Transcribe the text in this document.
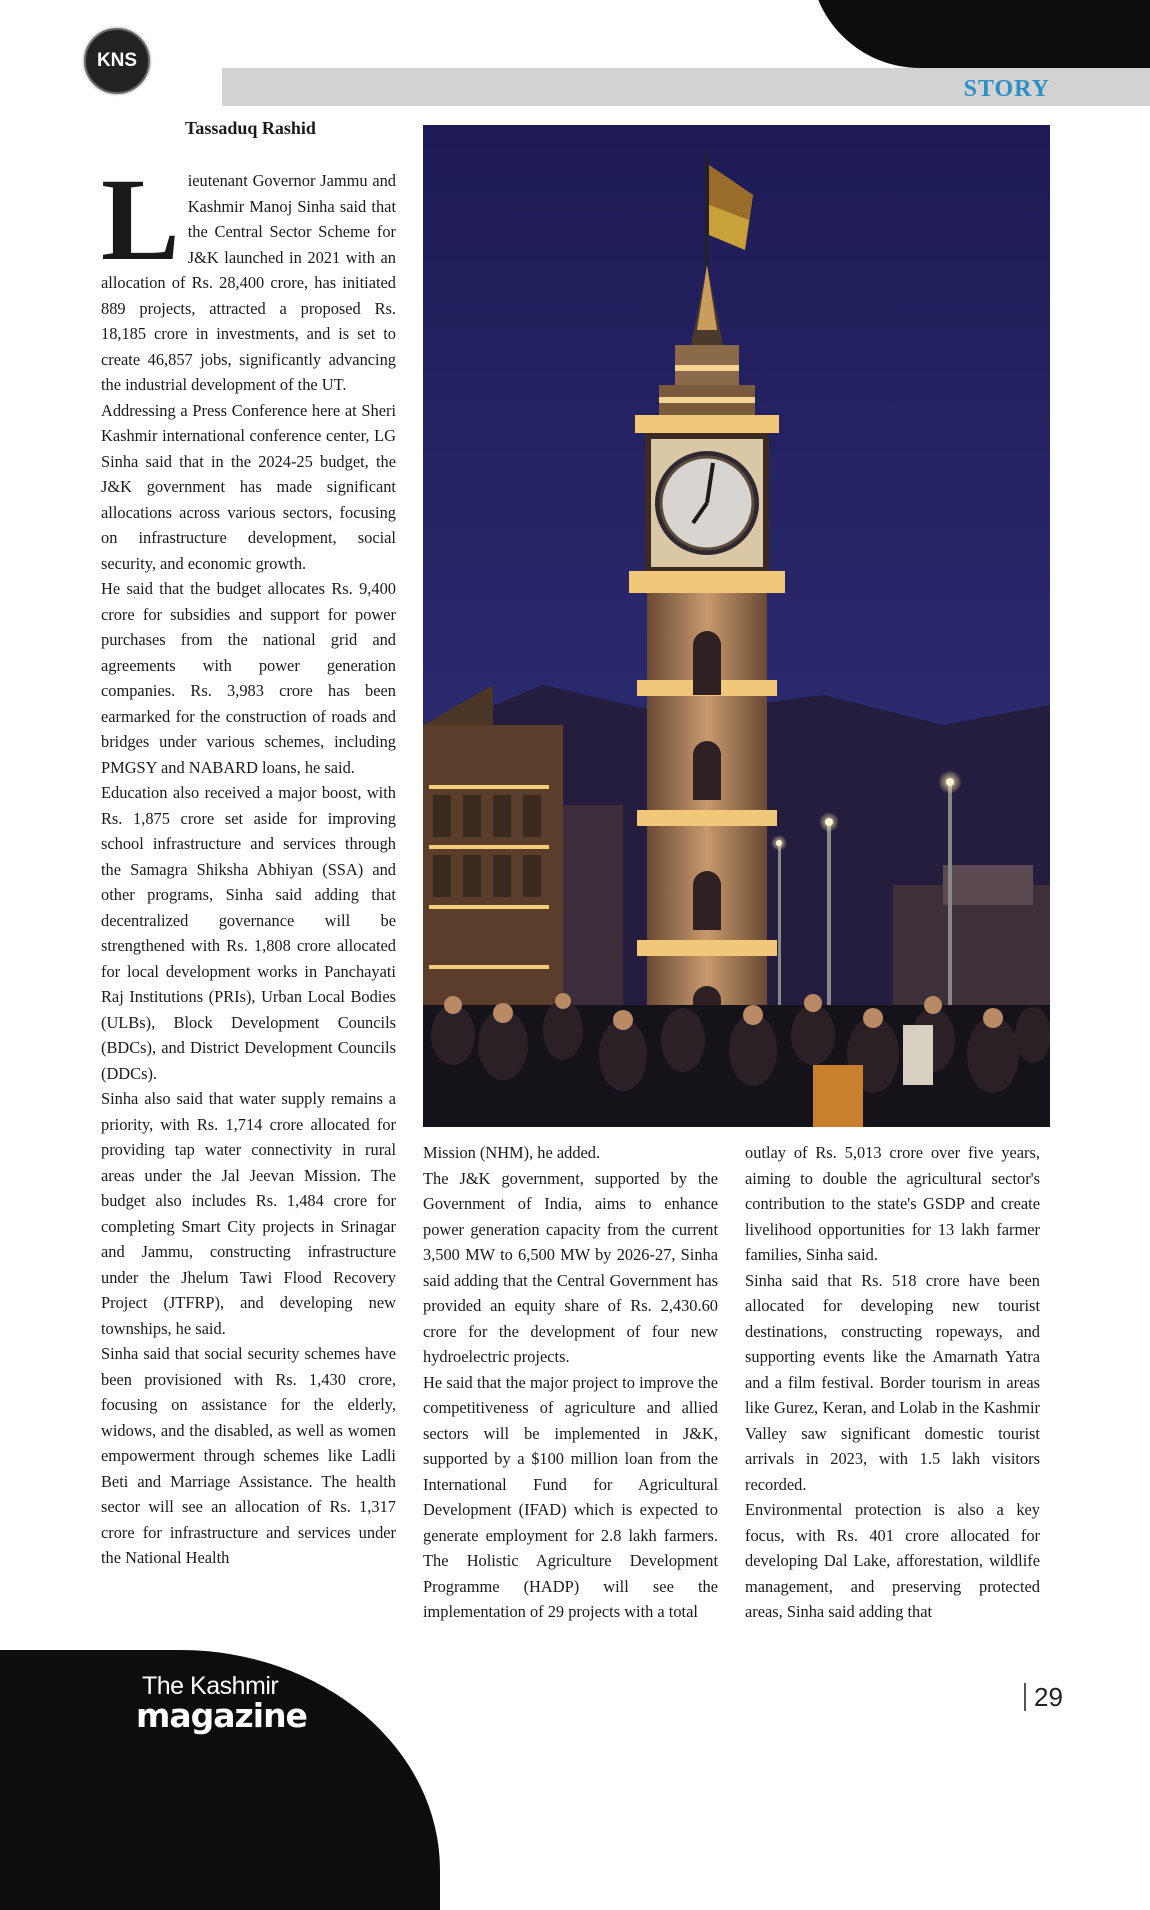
KNS

STORY

Tassaduq Rashid

Lieutenant Governor Jammu and Kashmir Manoj Sinha said that the Central Sector Scheme for J&K launched in 2021 with an allocation of Rs. 28,400 crore, has initiated 889 projects, attracted a proposed Rs. 18,185 crore in investments, and is set to create 46,857 jobs, significantly advancing the industrial development of the UT.

Addressing a Press Conference here at Sheri Kashmir international conference center, LG Sinha said that in the 2024-25 budget, the J&K government has made significant allocations across various sectors, focusing on infrastructure development, social security, and economic growth.

He said that the budget allocates Rs. 9,400 crore for subsidies and support for power purchases from the national grid and agreements with power generation companies. Rs. 3,983 crore has been earmarked for the construction of roads and bridges under various schemes, including PMGSY and NABARD loans, he said.

Education also received a major boost, with Rs. 1,875 crore set aside for improving school infrastructure and services through the Samagra Shiksha Abhiyan (SSA) and other programs, Sinha said adding that decentralized governance will be strengthened with Rs. 1,808 crore allocated for local development works in Panchayati Raj Institutions (PRIs), Urban Local Bodies (ULBs), Block Development Councils (BDCs), and District Development Councils (DDCs).

Sinha also said that water supply remains a priority, with Rs. 1,714 crore allocated for providing tap water connectivity in rural areas under the Jal Jeevan Mission. The budget also includes Rs. 1,484 crore for completing Smart City projects in Srinagar and Jammu, constructing infrastructure under the Jhelum Tawi Flood Recovery Project (JTFRP), and developing new townships, he said.

Sinha said that social security schemes have been provisioned with Rs. 1,430 crore, focusing on assistance for the elderly, widows, and the disabled, as well as women empowerment through schemes like Ladli Beti and Marriage Assistance. The health sector will see an allocation of Rs. 1,317 crore for infrastructure and services under the National Health

Mission (NHM), he added.

The J&K government, supported by the Government of India, aims to enhance power generation capacity from the current 3,500 MW to 6,500 MW by 2026-27, Sinha said adding that the Central Government has provided an equity share of Rs. 2,430.60 crore for the development of four new hydroelectric projects.

He said that the major project to improve the competitiveness of agriculture and allied sectors will be implemented in J&K, supported by a $100 million loan from the International Fund for Agricultural Development (IFAD) which is expected to generate employment for 2.8 lakh farmers. The Holistic Agriculture Development Programme (HADP) will see the implementation of 29 projects with a total

outlay of Rs. 5,013 crore over five years, aiming to double the agricultural sector's contribution to the state's GSDP and create livelihood opportunities for 13 lakh farmer families, Sinha said.

Sinha said that Rs. 518 crore have been allocated for developing new tourist destinations, constructing ropeways, and supporting events like the Amarnath Yatra and a film festival. Border tourism in areas like Gurez, Keran, and Lolab in the Kashmir Valley saw significant domestic tourist arrivals in 2023, with 1.5 lakh visitors recorded.

Environmental protection is also a key focus, with Rs. 401 crore allocated for developing Dal Lake, afforestation, wildlife management, and preserving protected areas, Sinha said adding that

The Kashmir

magazine	29
